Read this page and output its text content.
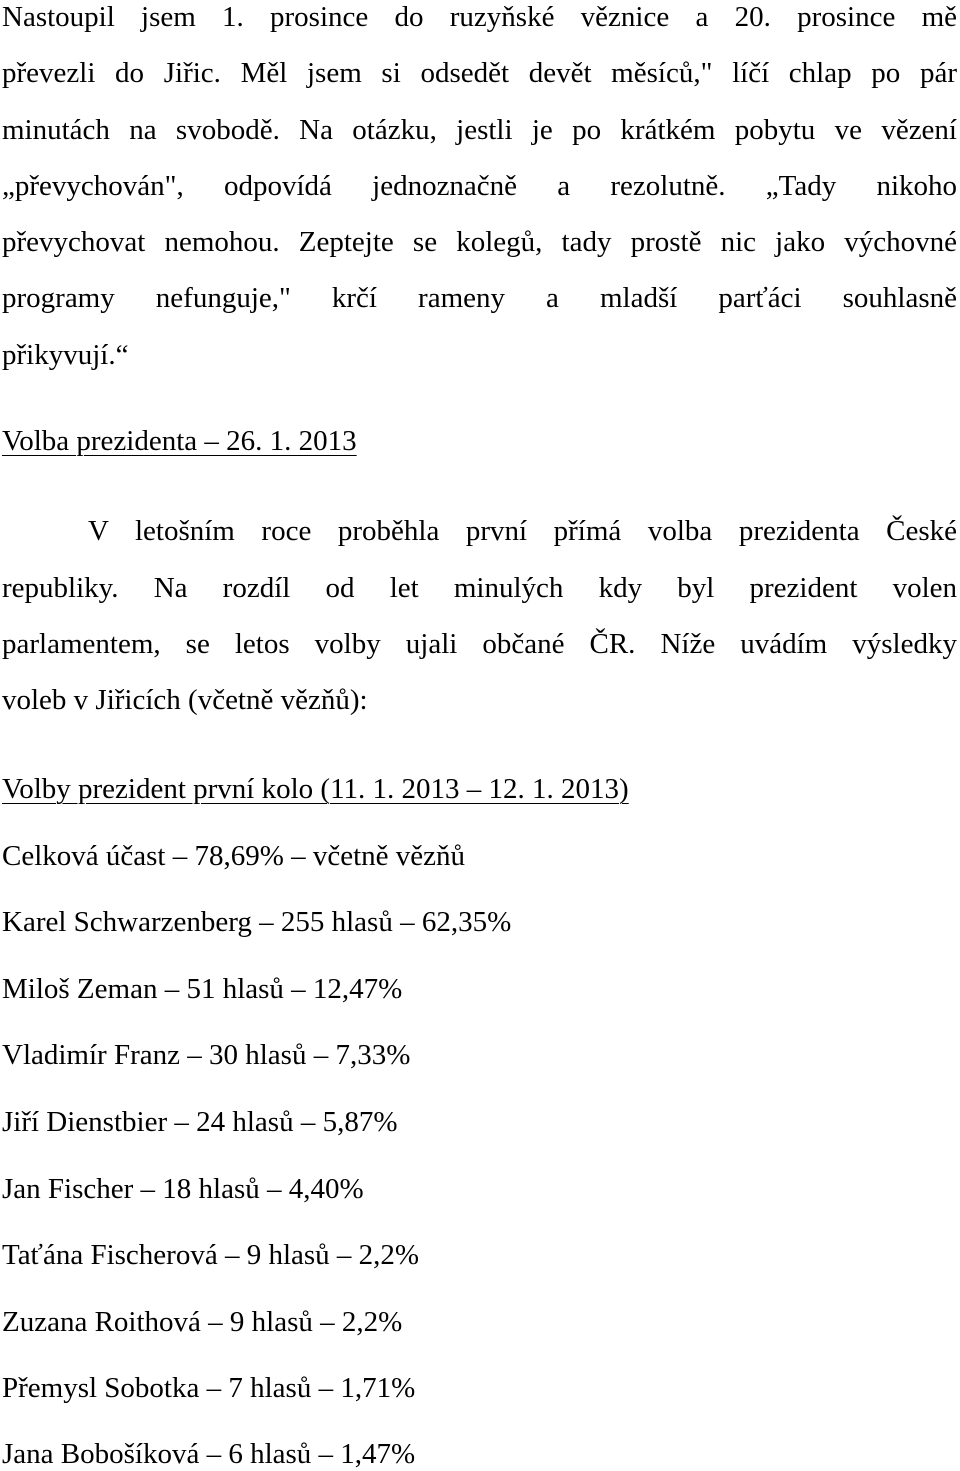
Nastoupil jsem 1. prosince do ruzyňské věznice a 20. prosince mě
převezli do Jiřic. Měl jsem si odsedět devět měsíců," líčí chlap po pár
minutách na svobodě. Na otázku, jestli je po krátkém pobytu ve vězení
„převychován", odpovídá jednoznačně a rezolutně. „Tady nikoho
převychovat nemohou. Zeptejte se kolegů, tady prostě nic jako výchovné
programy nefunguje," krčí rameny a mladší parťáci souhlasně
přikyvují.“
Volba prezidenta – 26. 1. 2013
V letošním roce proběhla první přímá volba prezidenta České
republiky. Na rozdíl od let minulých kdy byl prezident volen
parlamentem, se letos volby ujali občané ČR. Níže uvádím výsledky
voleb v Jiřicích (včetně vězňů):
Volby prezident první kolo (11. 1. 2013 – 12. 1. 2013)
Celková účast – 78,69% – včetně vězňů
Karel Schwarzenberg – 255 hlasů – 62,35%
Miloš Zeman – 51 hlasů – 12,47%
Vladimír Franz – 30 hlasů – 7,33%
Jiří Dienstbier – 24 hlasů – 5,87%
Jan Fischer – 18 hlasů – 4,40%
Taťána Fischerová – 9 hlasů – 2,2%
Zuzana Roithová – 9 hlasů – 2,2%
Přemysl Sobotka – 7 hlasů – 1,71%
Jana Bobošíková – 6 hlasů – 1,47%
